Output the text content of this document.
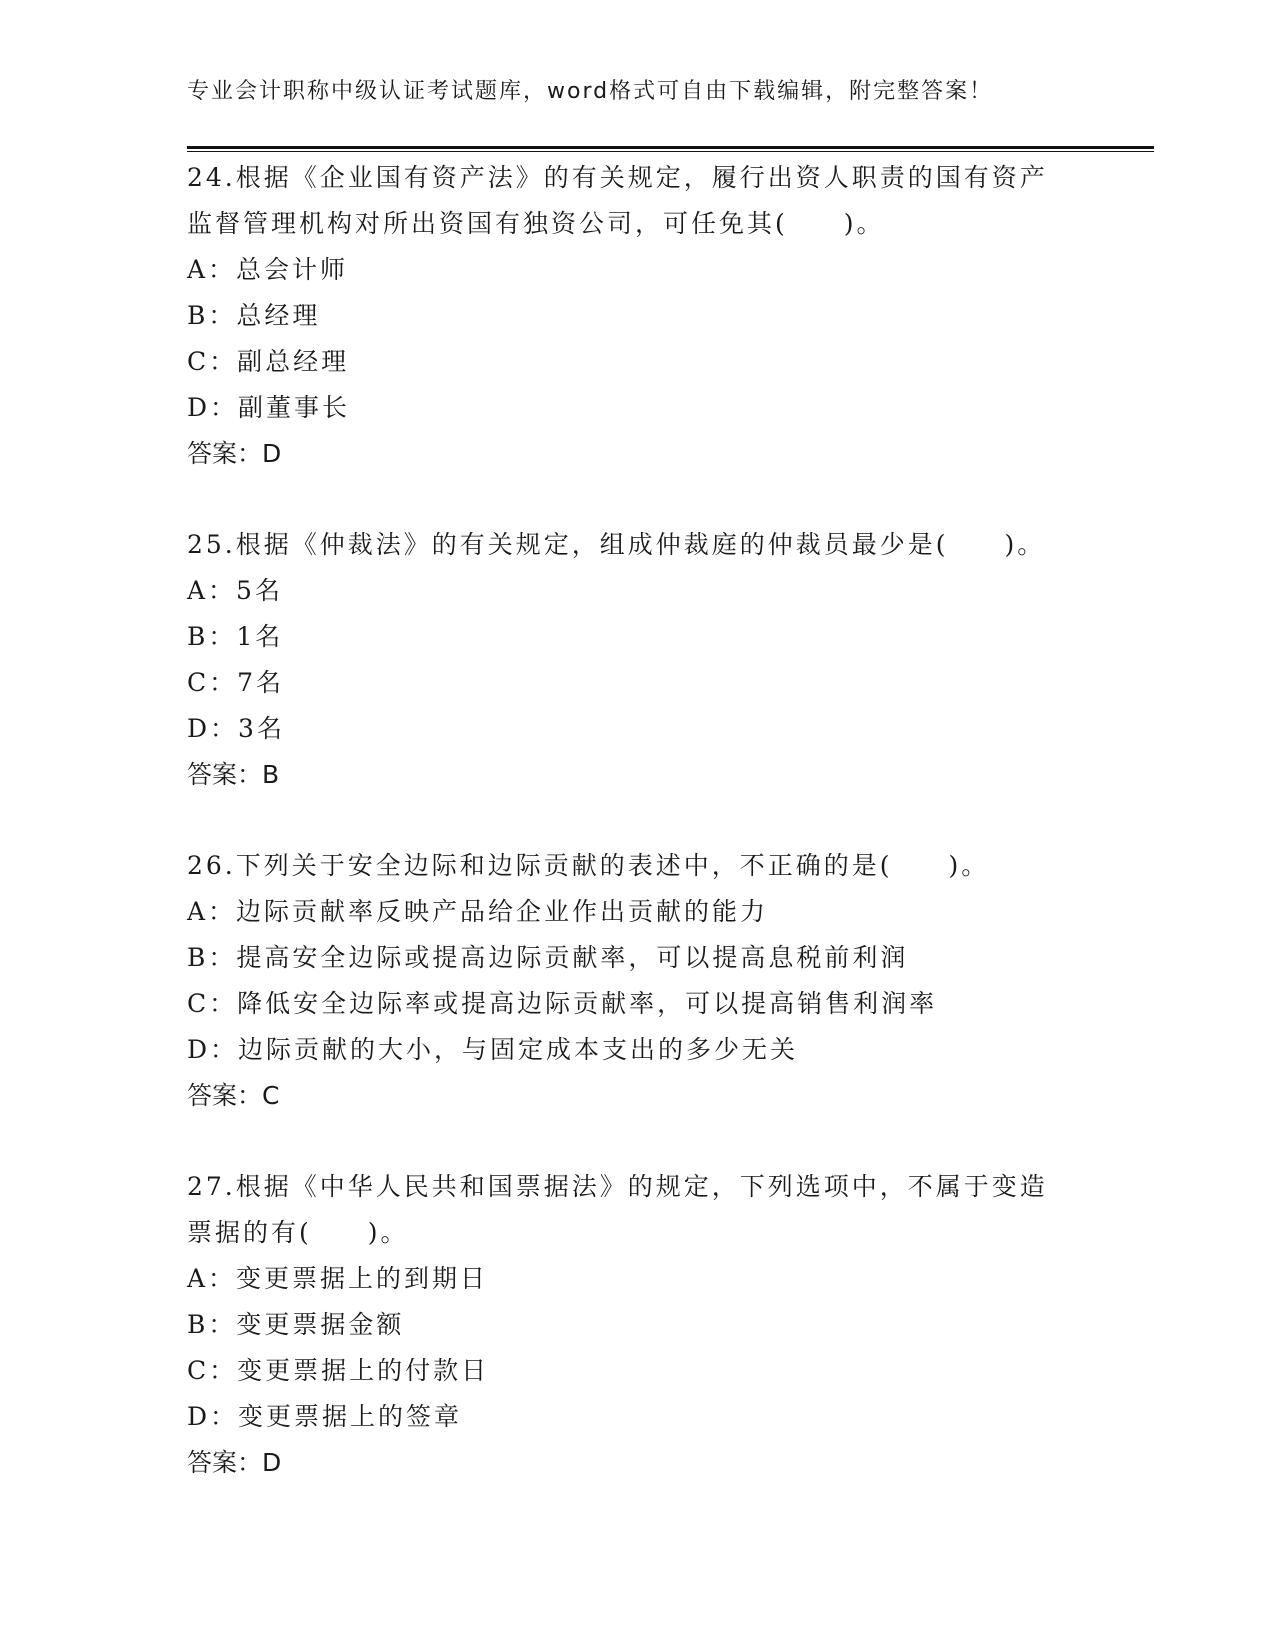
专业会计职称中级认证考试题库，word格式可自由下载编辑，附完整答案！
24.根据《企业国有资产法》的有关规定，履行出资人职责的国有资产
监督管理机构对所出资国有独资公司，可任免其(　　)。
A：总会计师
B：总经理
C：副总经理
D：副董事长
答案：D
25.根据《仲裁法》的有关规定，组成仲裁庭的仲裁员最少是(　　)。
A：5名
B：1名
C：7名
D：3名
答案：B
26.下列关于安全边际和边际贡献的表述中，不正确的是(　　)。
A：边际贡献率反映产品给企业作出贡献的能力
B：提高安全边际或提高边际贡献率，可以提高息税前利润
C：降低安全边际率或提高边际贡献率，可以提高销售利润率
D：边际贡献的大小，与固定成本支出的多少无关
答案：C
27.根据《中华人民共和国票据法》的规定，下列选项中，不属于变造
票据的有(　　)。
A：变更票据上的到期日
B：变更票据金额
C：变更票据上的付款日
D：变更票据上的签章
答案：D
